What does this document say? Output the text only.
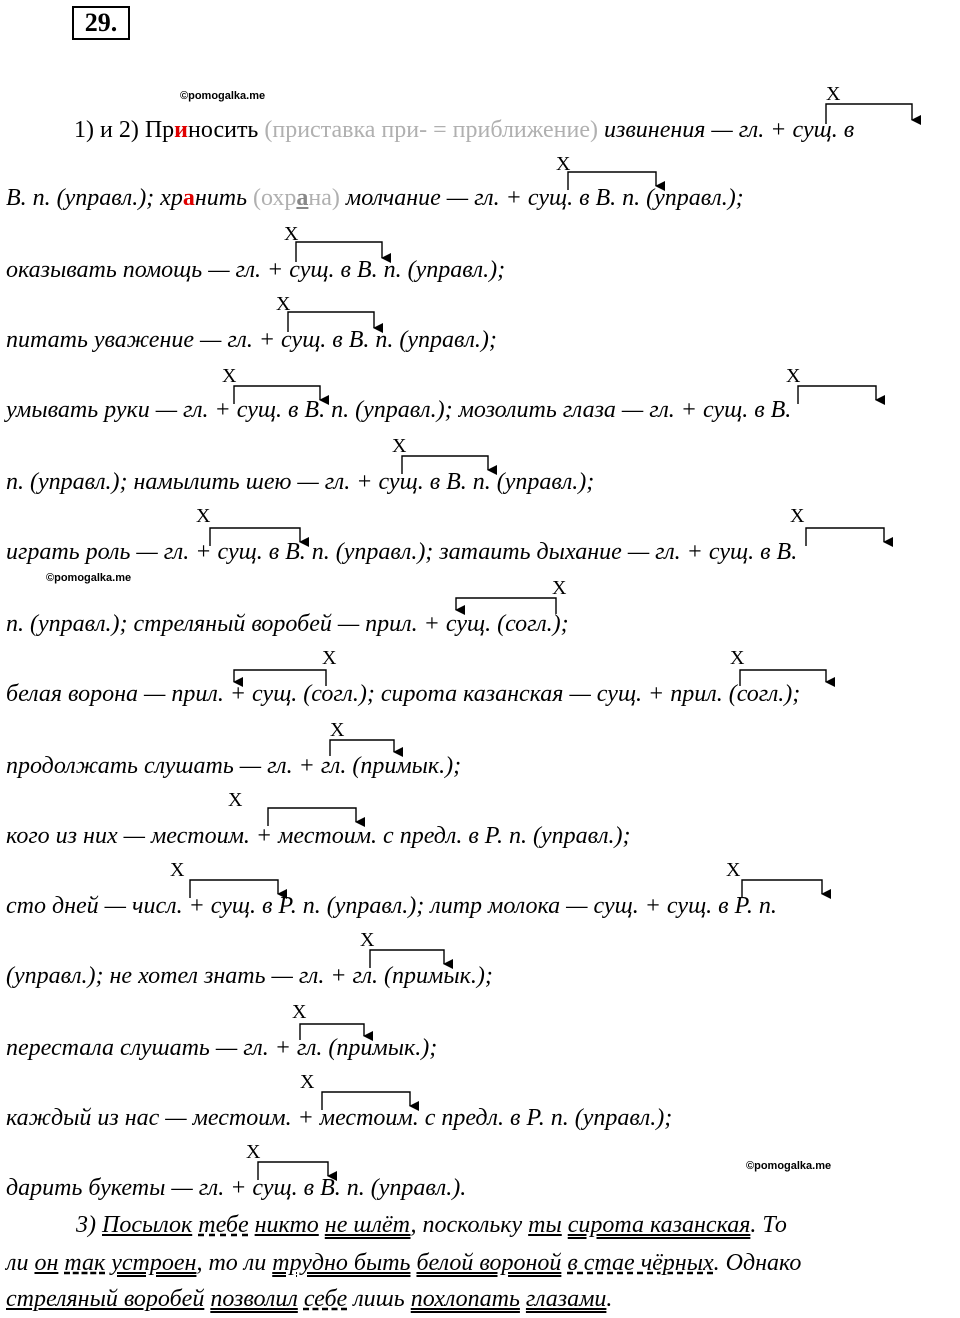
29.
©pomogalka.me
©pomogalka.me
©pomogalka.me
1) и 2) Приносить (приставка при- = приближение) извинения — гл. + сущ. в
В. п. (управл.); хранить (охрана) молчание — гл. + сущ. в В. п. (управл.);
оказывать помощь — гл. + сущ. в В. п. (управл.);
питать уважение — гл. + сущ. в В. п. (управл.);
умывать руки — гл. + сущ. в В. п. (управл.); мозолить глаза — гл. + сущ. в В.
п. (управл.); намылить шею — гл. + сущ. в В. п. (управл.);
играть роль — гл. + сущ. в В. п. (управл.); затаить дыхание — гл. + сущ. в В.
п. (управл.); стреляный воробей — прил. + сущ. (согл.);
белая ворона — прил. + сущ. (согл.); сирота казанская — сущ. + прил. (согл.);
продолжать слушать — гл. + гл. (примык.);
кого из них — местоим. + местоим. с предл. в Р. п. (управл.);
сто дней — числ. + сущ. в Р. п. (управл.); литр молока — сущ. + сущ. в Р. п.
(управл.); не хотел знать — гл. + гл. (примык.);
перестала слушать — гл. + гл. (примык.);
каждый из нас — местоим. + местоим. с предл. в Р. п. (управл.);
дарить букеты — гл. + сущ. в В. п. (управл.).
3) Посылок тебе никто не шлёт, поскольку ты сирота казанская. То
ли он так устроен, то ли трудно быть белой вороной в стае чёрных. Однако
стреляный воробей позволил себе лишь похлопать глазами.
X
X
X
X
X	X
X
X	X
X
X	X
X
X
X	X
X
X
X
X
